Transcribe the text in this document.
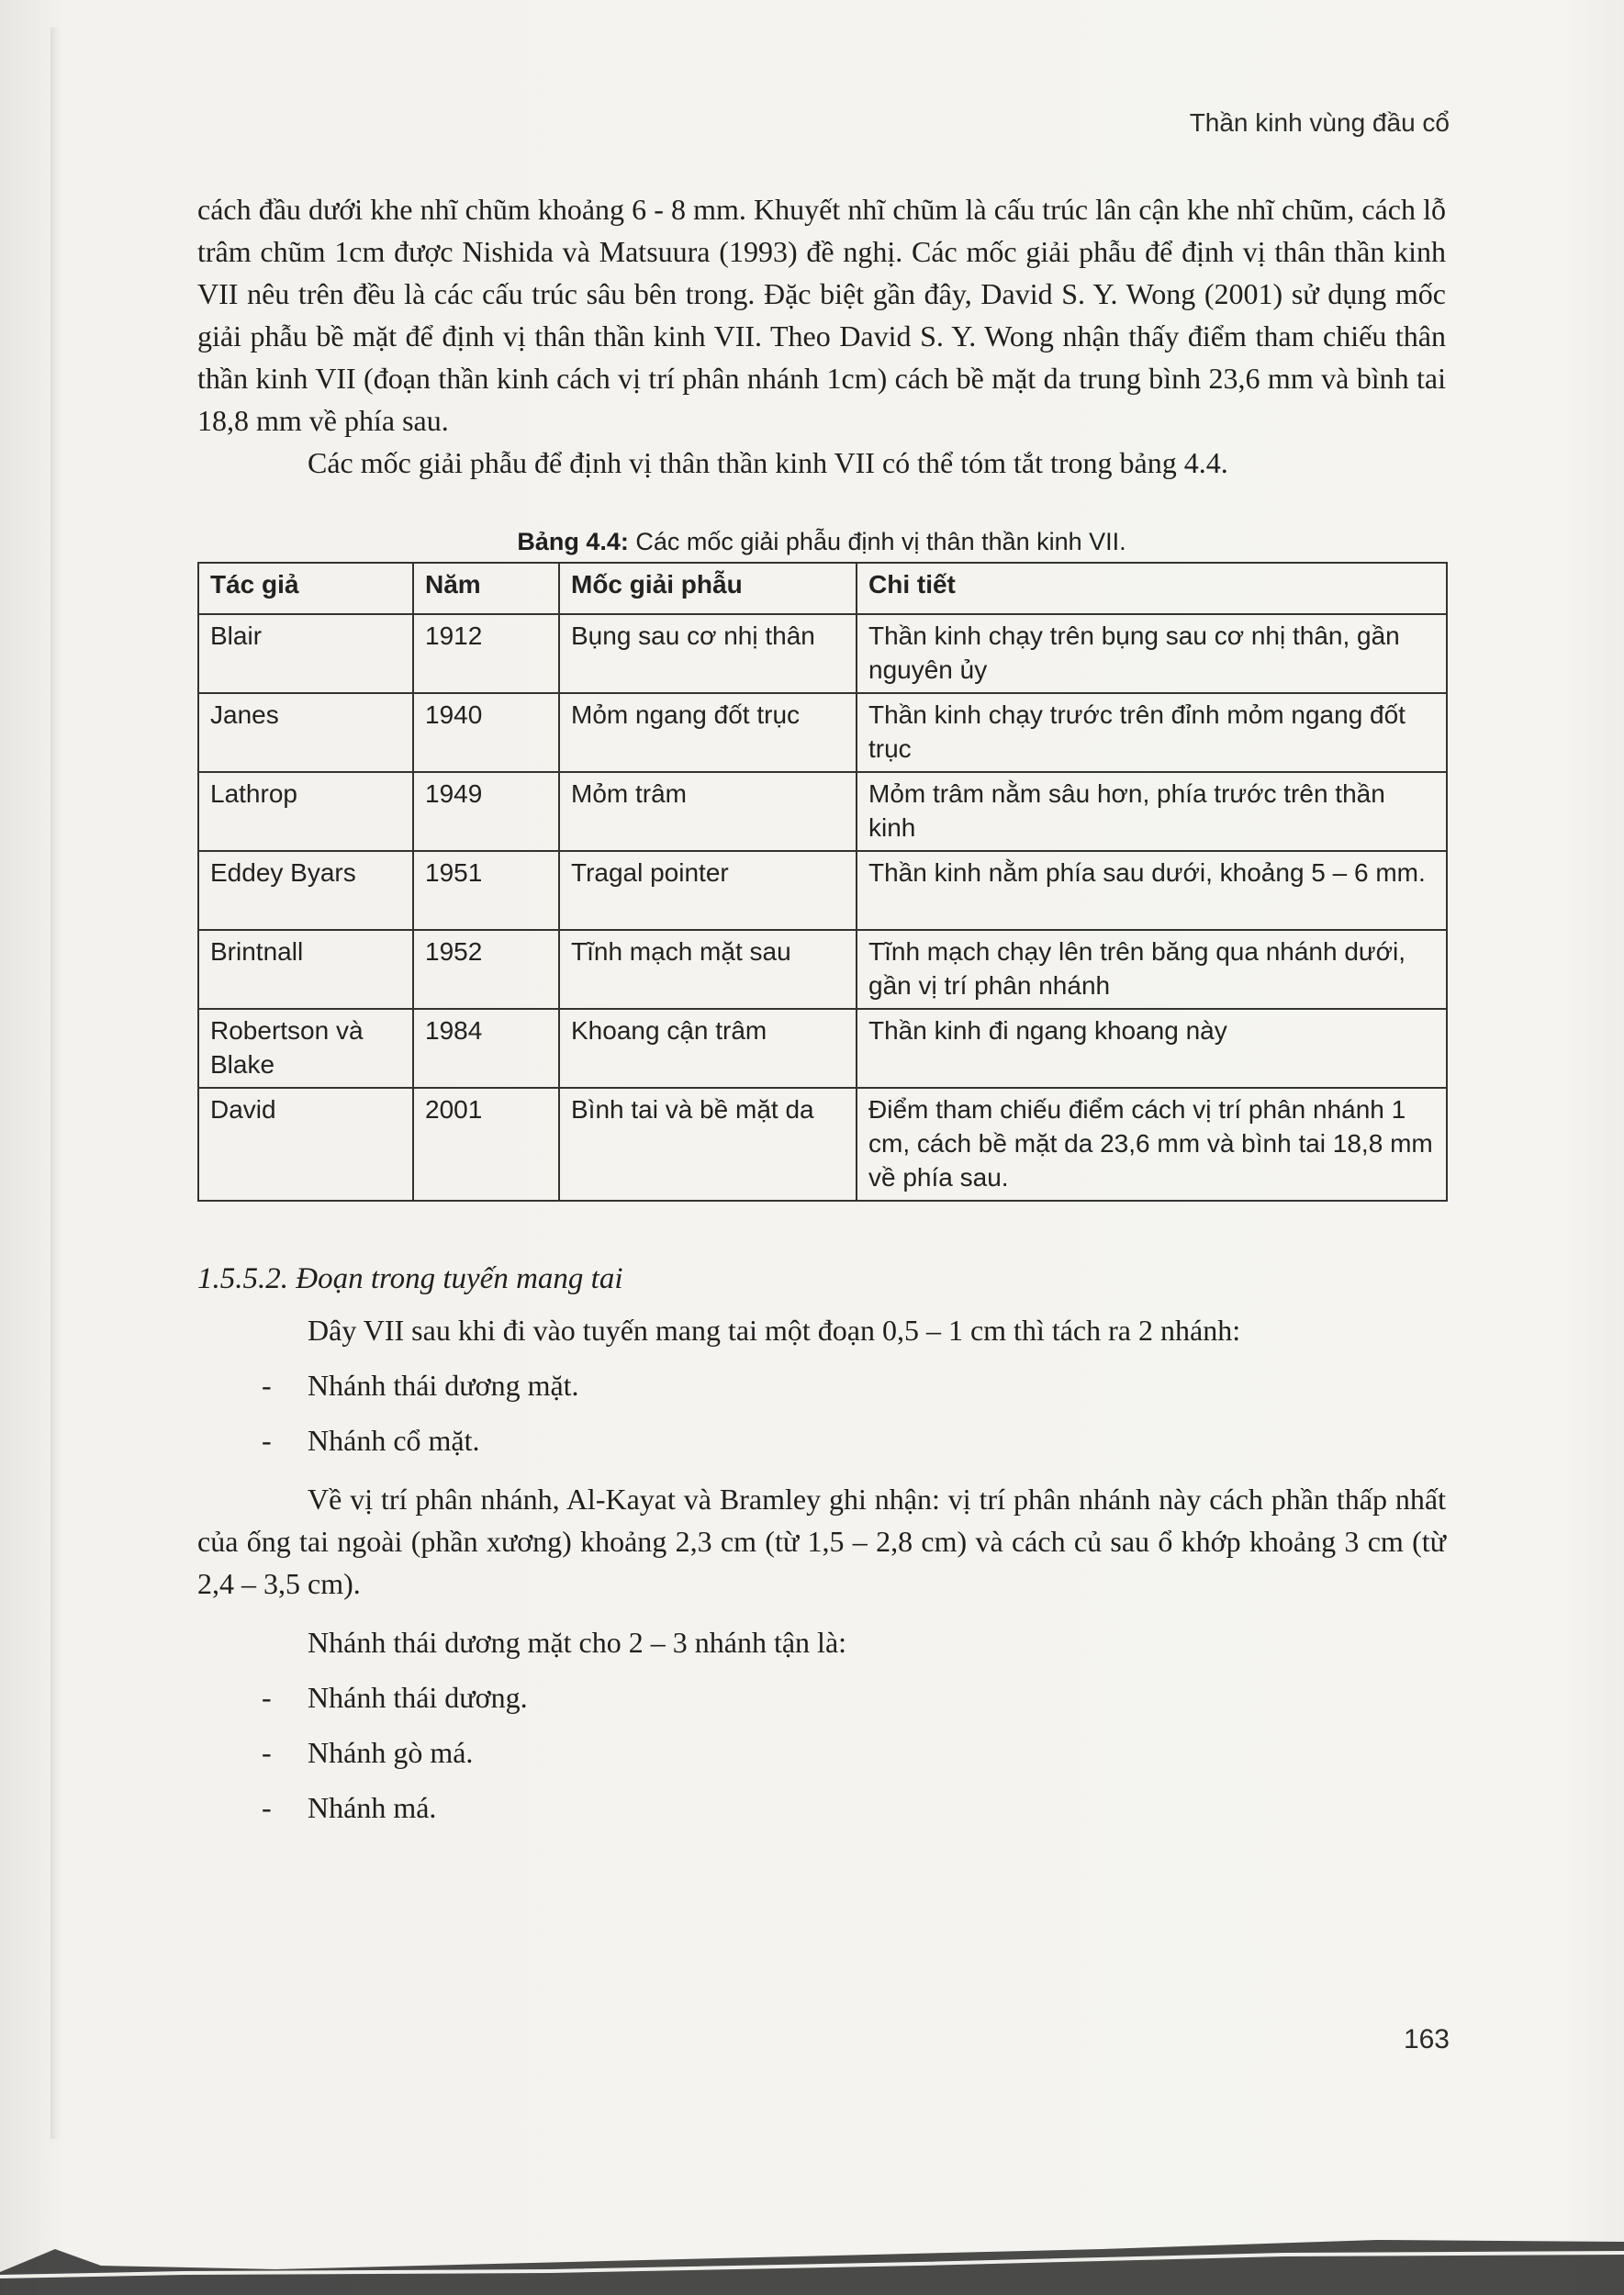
Thần kinh vùng đầu cổ

cách đầu dưới khe nhĩ chũm khoảng 6 - 8 mm. Khuyết nhĩ chũm là cấu trúc lân cận khe nhĩ chũm, cách lỗ trâm chũm 1cm được Nishida và Matsuura (1993) đề nghị. Các mốc giải phẫu để định vị thân thần kinh VII nêu trên đều là các cấu trúc sâu bên trong. Đặc biệt gần đây, David S. Y. Wong (2001) sử dụng mốc giải phẫu bề mặt để định vị thân thần kinh VII. Theo David S. Y. Wong nhận thấy điểm tham chiếu thân thần kinh VII (đoạn thần kinh cách vị trí phân nhánh 1cm) cách bề mặt da trung bình 23,6 mm và bình tai 18,8 mm về phía sau.

Các mốc giải phẫu để định vị thân thần kinh VII có thể tóm tắt trong bảng 4.4.

Bảng 4.4: Các mốc giải phẫu định vị thân thần kinh VII.
Tác giả	Năm	Mốc giải phẫu	Chi tiết
Blair	1912	Bụng sau cơ nhị thân	Thần kinh chạy trên bụng sau cơ nhị thân, gần nguyên ủy
Janes	1940	Mỏm ngang đốt trục	Thần kinh chạy trước trên đỉnh mỏm ngang đốt trục
Lathrop	1949	Mỏm trâm	Mỏm trâm nằm sâu hơn, phía trước trên thần kinh
Eddey Byars	1951	Tragal pointer	Thần kinh nằm phía sau dưới, khoảng 5 – 6 mm.
Brintnall	1952	Tĩnh mạch mặt sau	Tĩnh mạch chạy lên trên băng qua nhánh dưới, gần vị trí phân nhánh
Robertson và Blake	1984	Khoang cận trâm	Thần kinh đi ngang khoang này
David	2001	Bình tai và bề mặt da	Điểm tham chiếu điểm cách vị trí phân nhánh 1 cm, cách bề mặt da 23,6 mm và bình tai 18,8 mm về phía sau.
1.5.5.2. Đoạn trong tuyến mang tai

Dây VII sau khi đi vào tuyến mang tai một đoạn 0,5 – 1 cm thì tách ra 2 nhánh:

-	Nhánh thái dương mặt.
-	Nhánh cổ mặt.

Về vị trí phân nhánh, Al-Kayat và Bramley ghi nhận: vị trí phân nhánh này cách phần thấp nhất của ống tai ngoài (phần xương) khoảng 2,3 cm (từ 1,5 – 2,8 cm) và cách củ sau ổ khớp khoảng 3 cm (từ 2,4 – 3,5 cm).

Nhánh thái dương mặt cho 2 – 3 nhánh tận là:

-	Nhánh thái dương.
-	Nhánh gò má.
-	Nhánh má.
163
